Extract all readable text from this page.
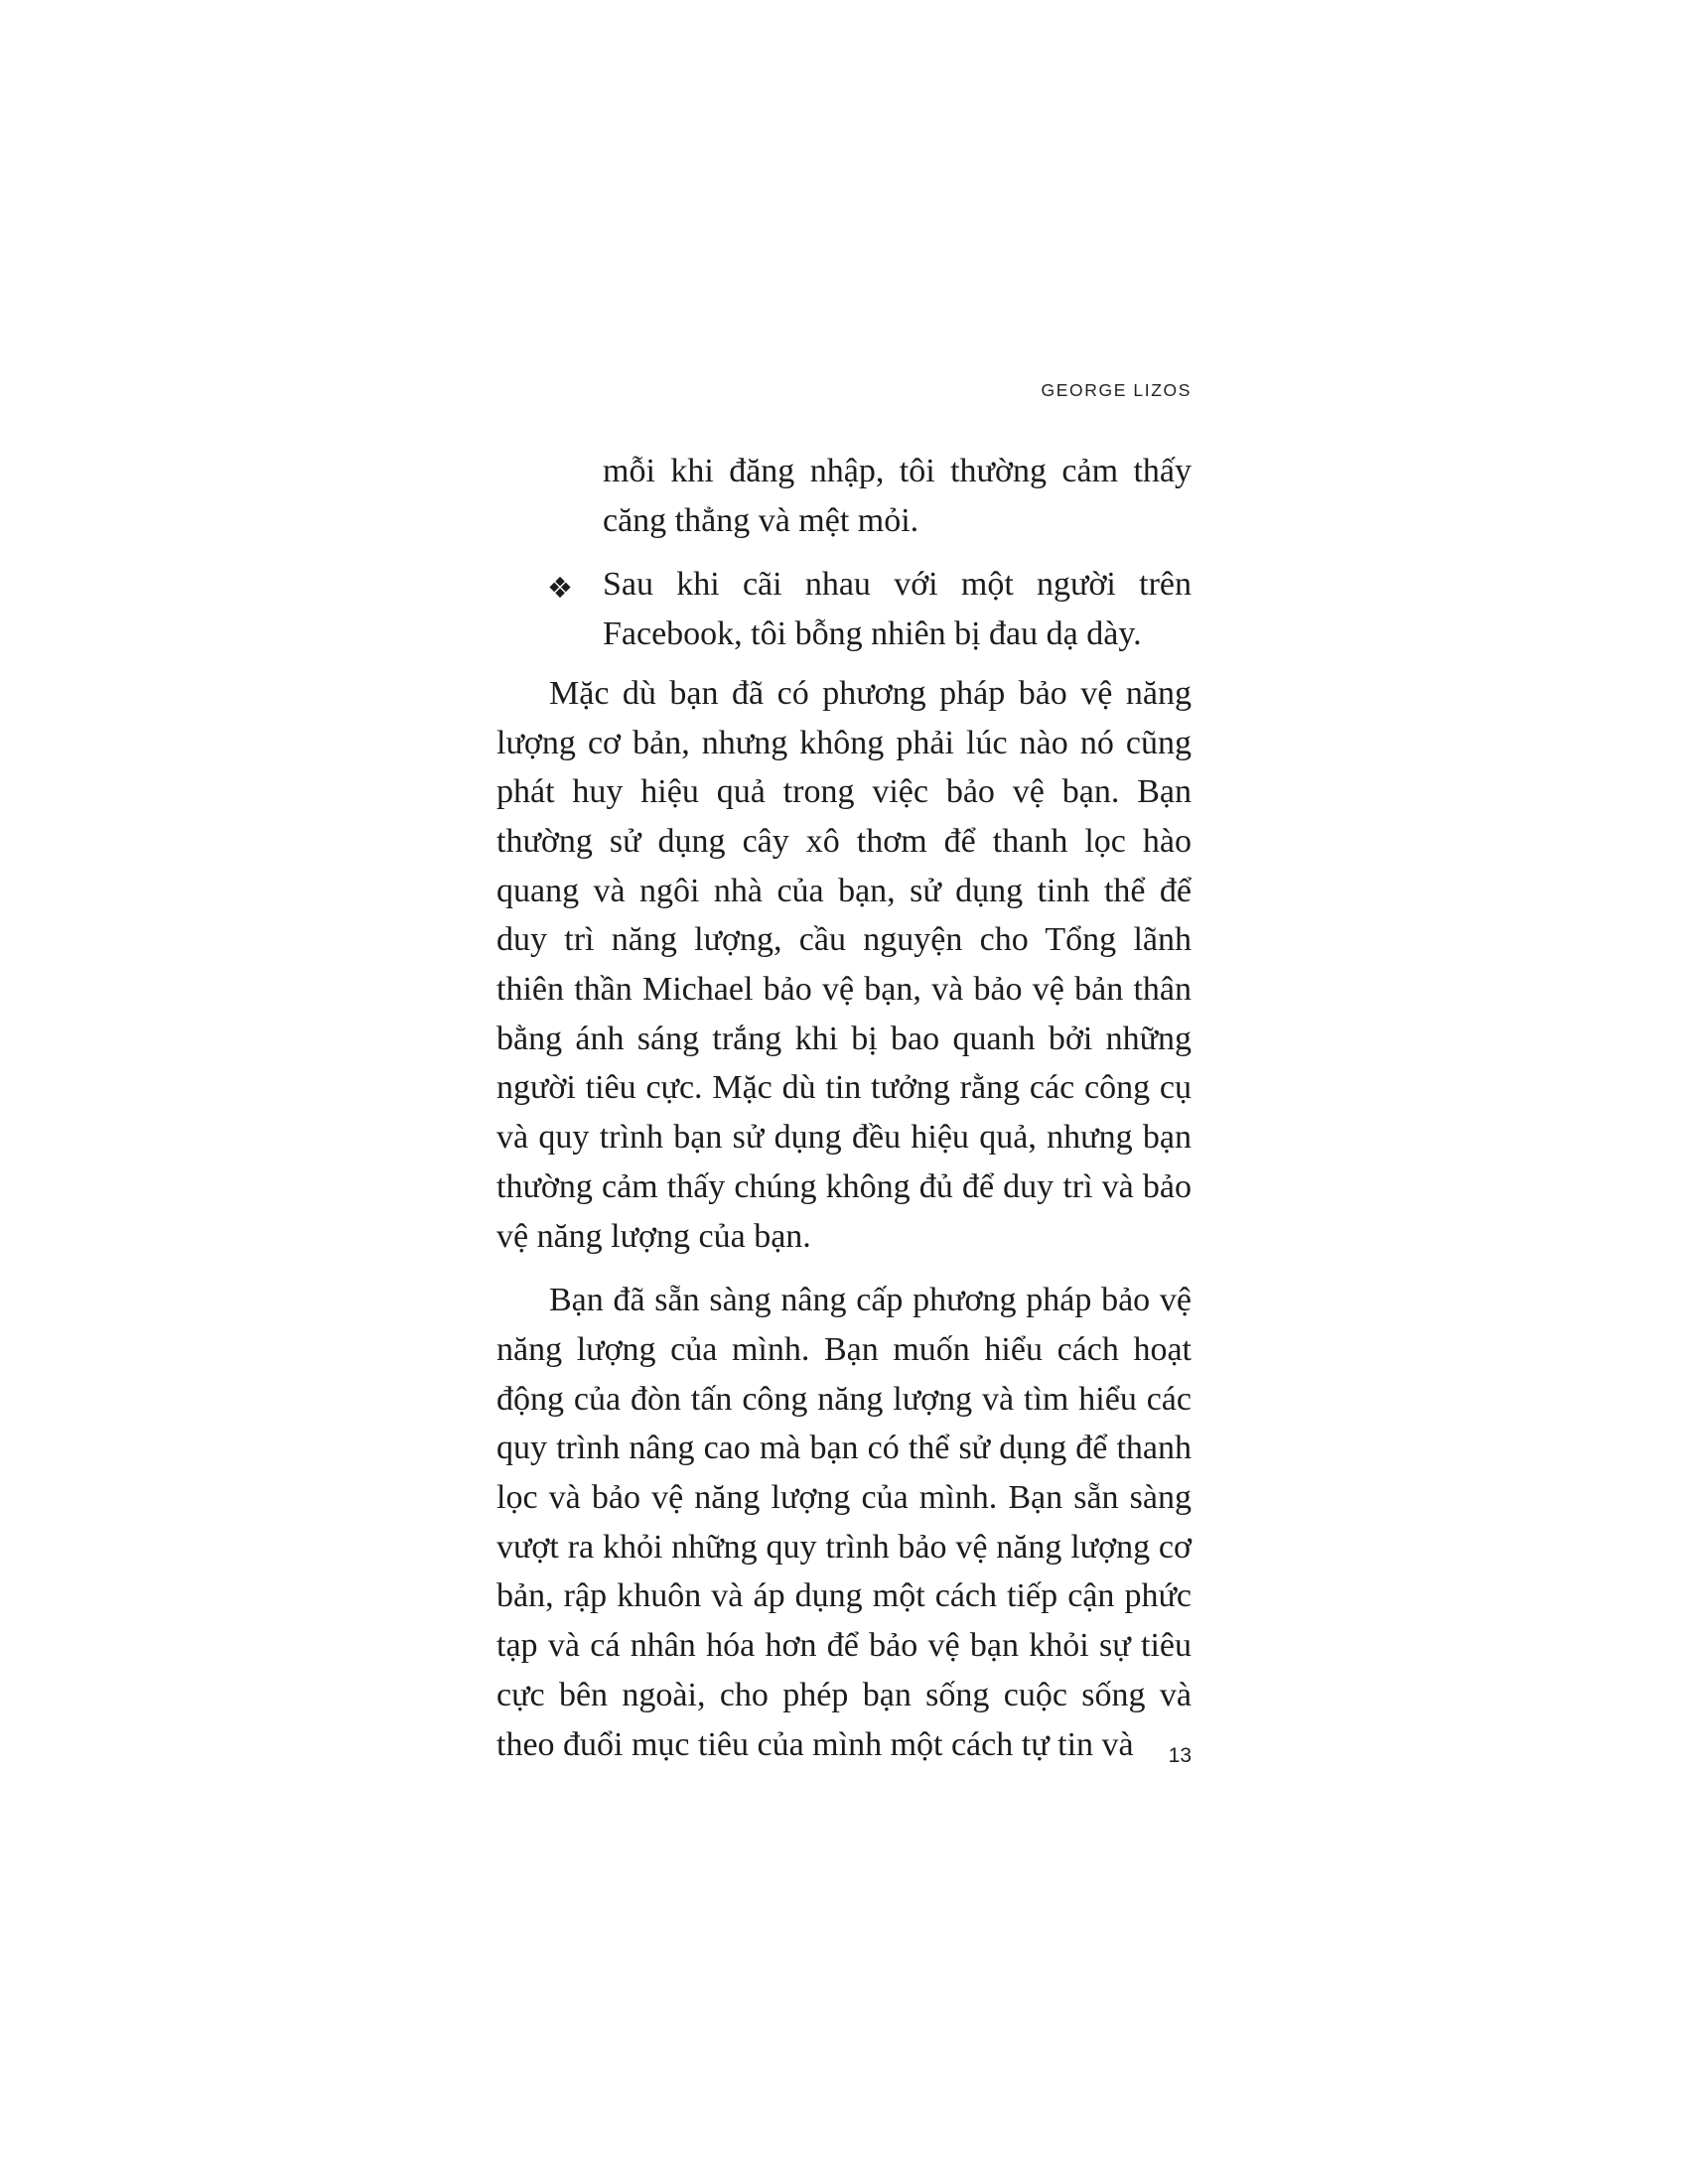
GEORGE LIZOS

mỗi khi đăng nhập, tôi thường cảm thấy căng thẳng và mệt mỏi.

❖ Sau khi cãi nhau với một người trên Facebook, tôi bỗng nhiên bị đau dạ dày.

Mặc dù bạn đã có phương pháp bảo vệ năng lượng cơ bản, nhưng không phải lúc nào nó cũng phát huy hiệu quả trong việc bảo vệ bạn. Bạn thường sử dụng cây xô thơm để thanh lọc hào quang và ngôi nhà của bạn, sử dụng tinh thể để duy trì năng lượng, cầu nguyện cho Tổng lãnh thiên thần Michael bảo vệ bạn, và bảo vệ bản thân bằng ánh sáng trắng khi bị bao quanh bởi những người tiêu cực. Mặc dù tin tưởng rằng các công cụ và quy trình bạn sử dụng đều hiệu quả, nhưng bạn thường cảm thấy chúng không đủ để duy trì và bảo vệ năng lượng của bạn.

Bạn đã sẵn sàng nâng cấp phương pháp bảo vệ năng lượng của mình. Bạn muốn hiểu cách hoạt động của đòn tấn công năng lượng và tìm hiểu các quy trình nâng cao mà bạn có thể sử dụng để thanh lọc và bảo vệ năng lượng của mình. Bạn sẵn sàng vượt ra khỏi những quy trình bảo vệ năng lượng cơ bản, rập khuôn và áp dụng một cách tiếp cận phức tạp và cá nhân hóa hơn để bảo vệ bạn khỏi sự tiêu cực bên ngoài, cho phép bạn sống cuộc sống và theo đuổi mục tiêu của mình một cách tự tin và	13
